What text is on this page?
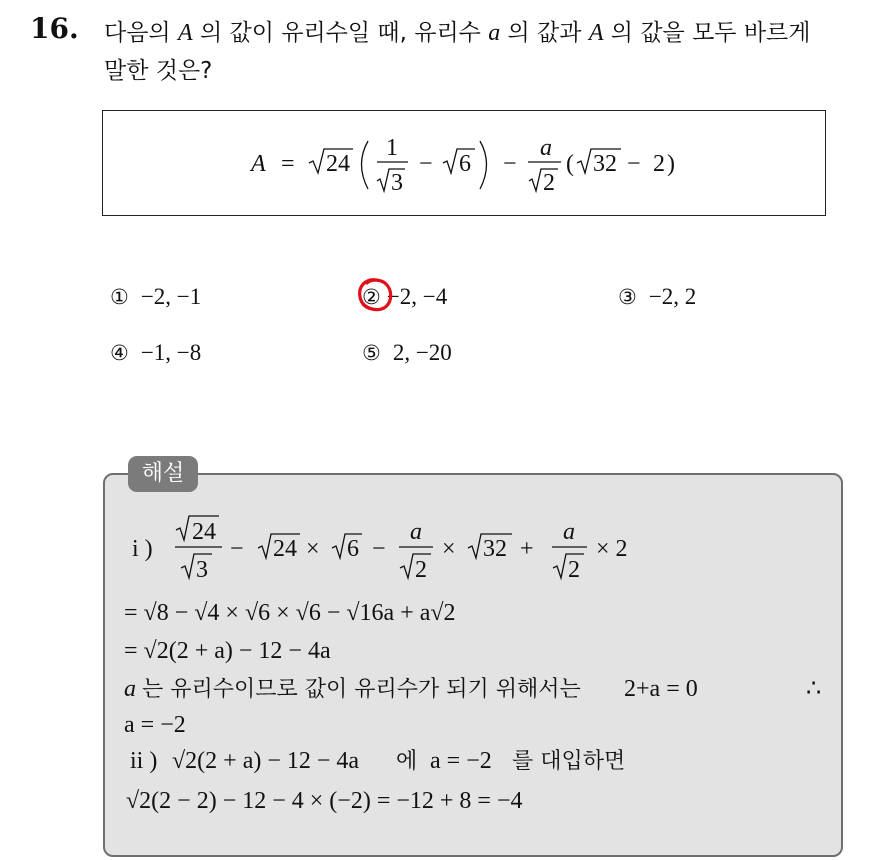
16. 다음의 A 의 값이 유리수일 때, 유리수 a 의 값과 A 의 값을 모두 바르게
말한 것은?
A = 24
1
3
− 6 −
a
2
( 32 − 2 )
① −2, −1	② −2, −4	③ −2, 2
④ −1, −8	⑤ 2, −20
해설
i )
24
3
− 24 × 6 −
a
2
× 32 +
a
2
× 2
= √8 − √4 × √6 × √6 − √16a + a√2
= √2(2 + a) − 12 − 4a
a 는 유리수이므로 값이 유리수가 되기 위해서는 2+a = 0	∴
a = −2
ii ) √2(2 + a) − 12 − 4a 에 a = −2 를 대입하면
√2(2 − 2) − 12 − 4 × (−2) = −12 + 8 = −4
